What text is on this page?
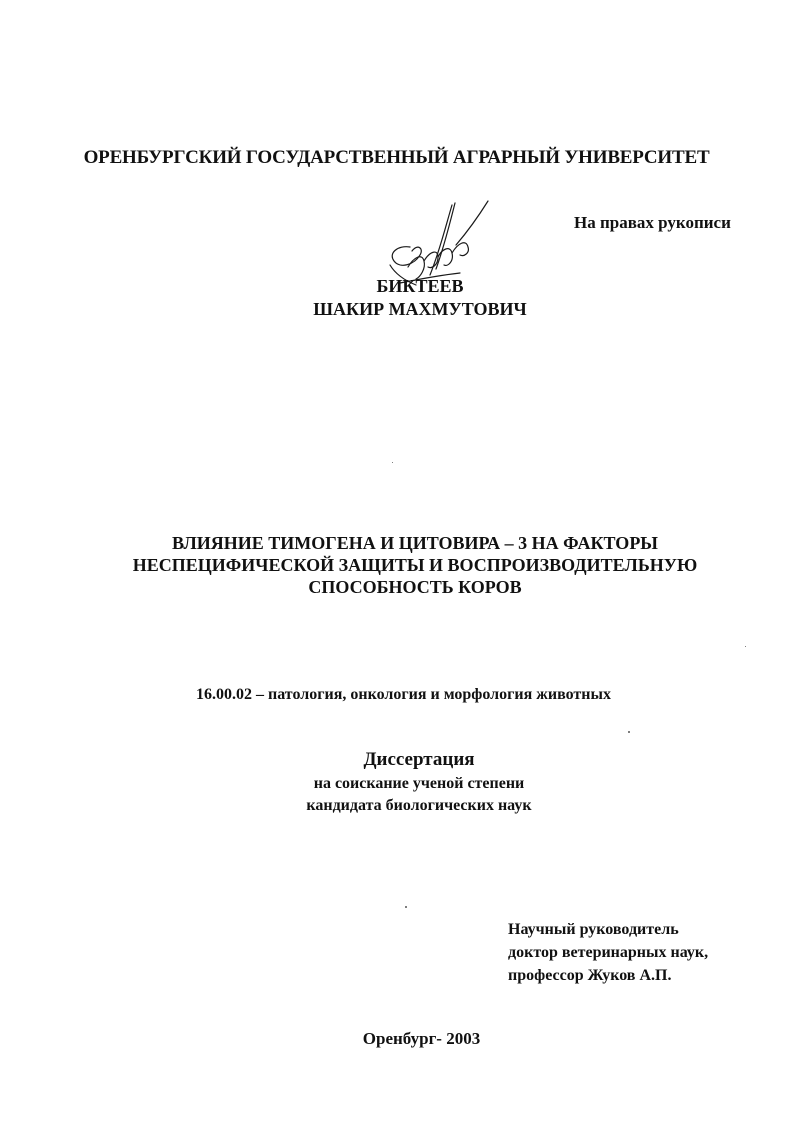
ОРЕНБУРГСКИЙ ГОСУДАРСТВЕННЫЙ АГРАРНЫЙ УНИВЕРСИТЕТ
На правах рукописи
БИКТЕЕВ
ШАКИР МАХМУТОВИЧ
ВЛИЯНИЕ ТИМОГЕНА И ЦИТОВИРА – 3 НА ФАКТОРЫ
НЕСПЕЦИФИЧЕСКОЙ ЗАЩИТЫ И ВОСПРОИЗВОДИТЕЛЬНУЮ
СПОСОБНОСТЬ КОРОВ
16.00.02 – патология, онкология и морфология животных
Диссертация
на соискание ученой степени
кандидата биологических наук
Научный руководитель
доктор ветеринарных наук,
профессор Жуков А.П.
Оренбург- 2003
